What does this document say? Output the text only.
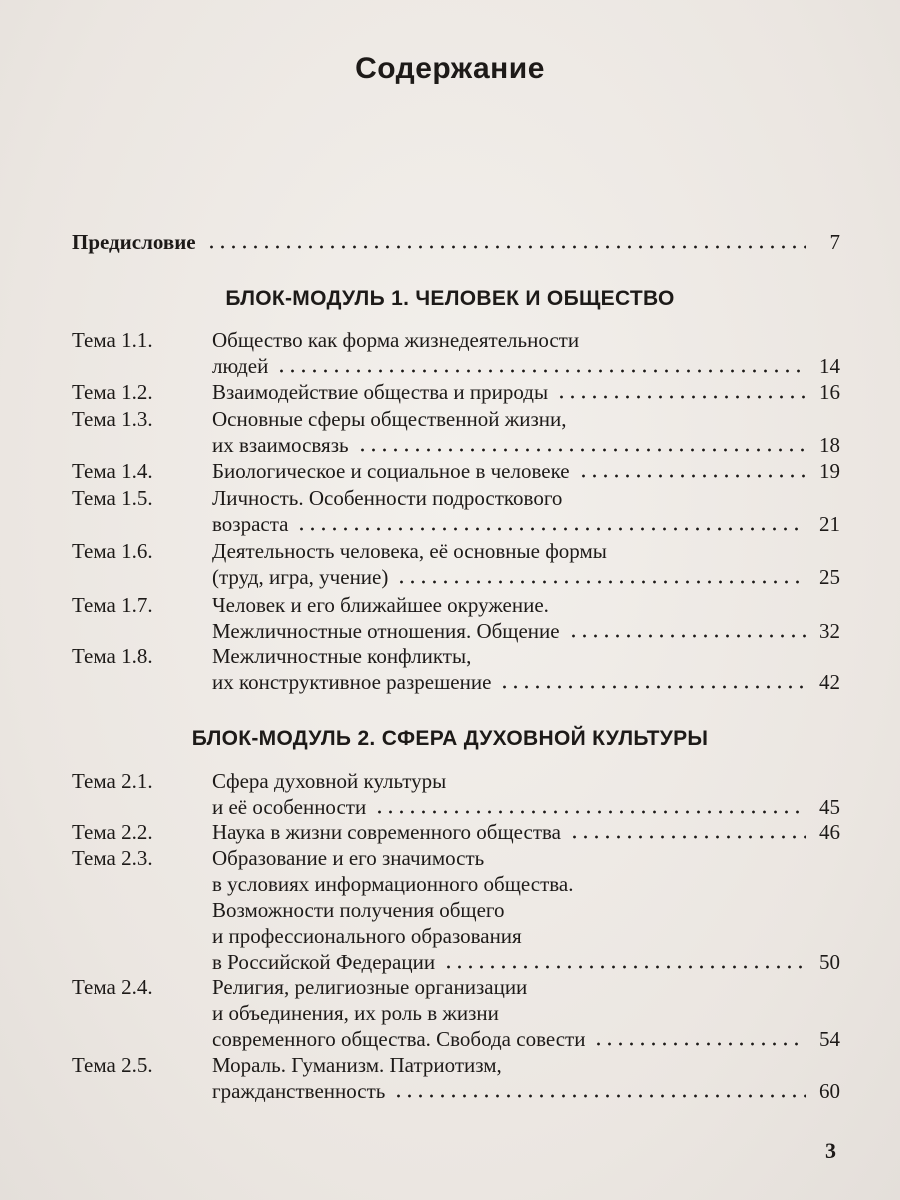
Содержание
Предисловие	7
БЛОК-МОДУЛЬ 1. ЧЕЛОВЕК И ОБЩЕСТВО
Тема 1.1.	Общество как форма жизнедеятельности
людей	14
Тема 1.2.	Взаимодействие общества и природы	16
Тема 1.3.	Основные сферы общественной жизни,
их взаимосвязь	18
Тема 1.4.	Биологическое и социальное в человеке	19
Тема 1.5.	Личность. Особенности подросткового
возраста	21
Тема 1.6.	Деятельность человека, её основные формы
(труд, игра, учение)	25
Тема 1.7.	Человек и его ближайшее окружение.
Межличностные отношения. Общение	32
Тема 1.8.	Межличностные конфликты,
их конструктивное разрешение	42
БЛОК-МОДУЛЬ 2. СФЕРА ДУХОВНОЙ КУЛЬТУРЫ
Тема 2.1.	Сфера духовной культуры
и её особенности	45
Тема 2.2.	Наука в жизни современного общества	46
Тема 2.3.	Образование и его значимость
в условиях информационного общества.
Возможности получения общего
и профессионального образования
в Российской Федерации	50
Тема 2.4.	Религия, религиозные организации
и объединения, их роль в жизни
современного общества. Свобода совести	54
Тема 2.5.	Мораль. Гуманизм. Патриотизм,
гражданственность	60
3
